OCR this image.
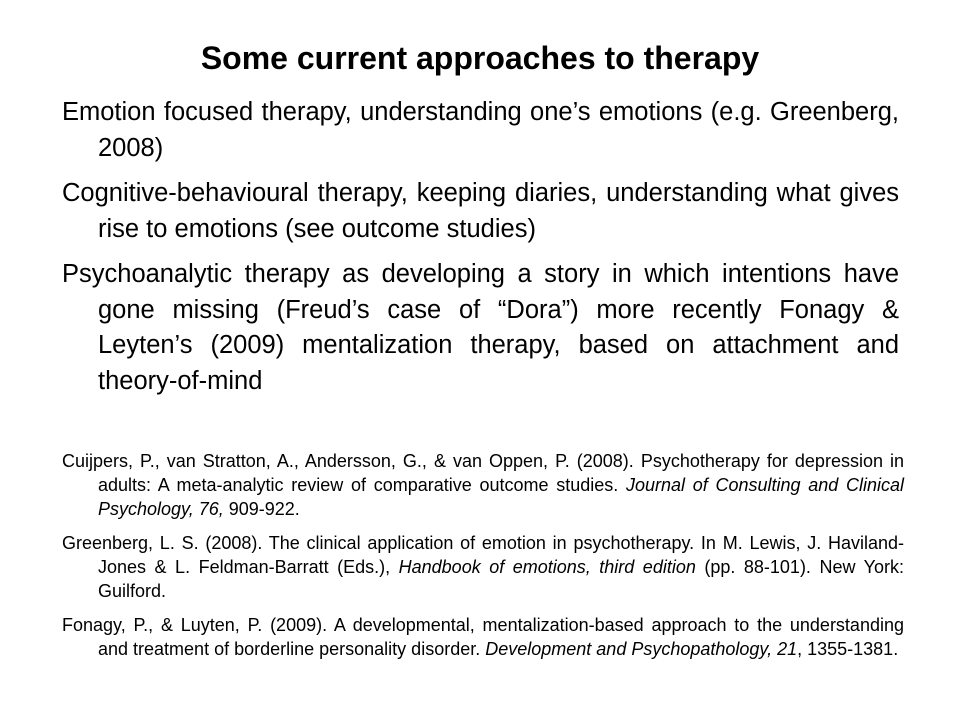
Some current approaches to therapy
Emotion focused therapy, understanding one’s emotions (e.g. Greenberg, 2008)
Cognitive-behavioural therapy, keeping diaries, understanding what gives rise to emotions (see outcome studies)
Psychoanalytic therapy as developing a story in which intentions have gone missing (Freud’s case of “Dora”) more recently Fonagy & Leyten’s (2009) mentalization therapy, based on attachment and theory-of-mind
Cuijpers, P., van Stratton, A., Andersson, G., & van Oppen, P. (2008). Psychotherapy for depression in adults: A meta-analytic review of comparative outcome studies. Journal of Consulting and Clinical Psychology, 76, 909-922.
Greenberg, L. S. (2008). The clinical application of emotion in psychotherapy. In M. Lewis, J. Haviland-Jones & L. Feldman-Barratt (Eds.), Handbook of emotions, third edition (pp. 88-101). New York: Guilford.
Fonagy, P., & Luyten, P. (2009). A developmental, mentalization-based approach to the understanding and treatment of borderline personality disorder. Development and Psychopathology, 21, 1355-1381.
